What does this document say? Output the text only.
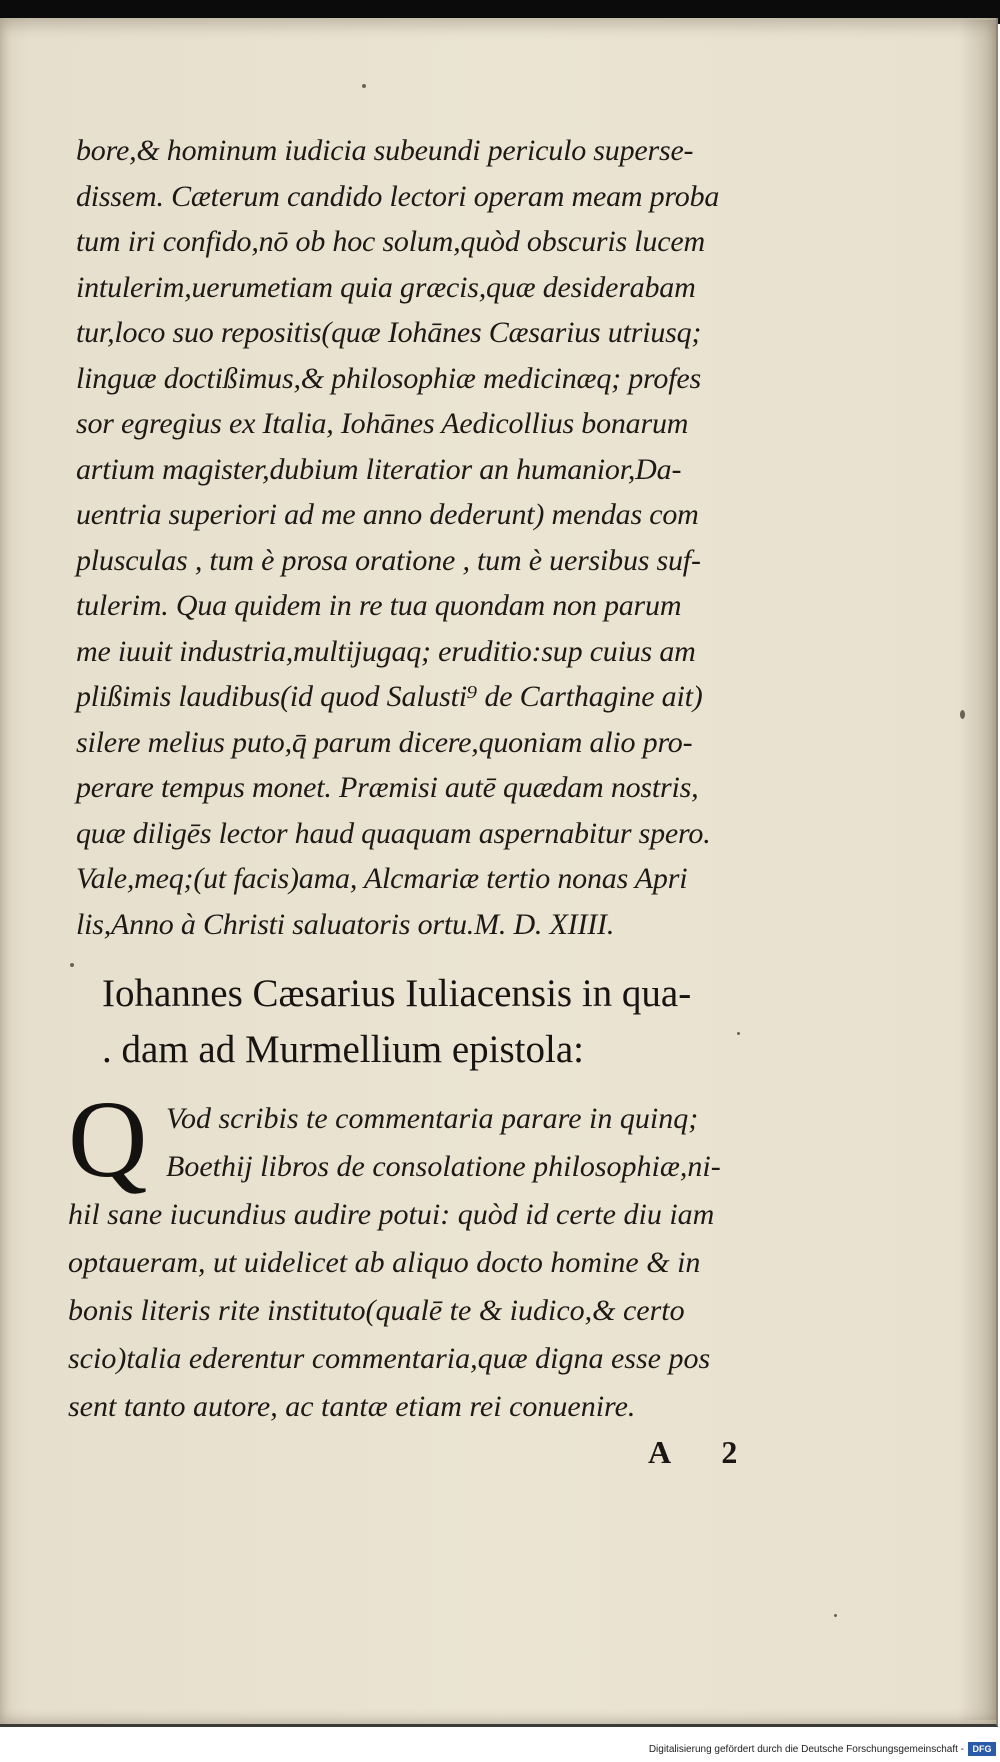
bore,& hominum iudicia subeundi periculo superse-
dissem. Cæterum candido lectori operam meam proba
tum iri confido,nō ob hoc solum,quòd obscuris lucem
intulerim,uerumetiam quia græcis,quæ desiderabam
tur,loco suo repositis(quæ Iohānes Cæsarius utriusq;
linguæ doctißimus,& philosophiæ medicinæq; profes
sor egregius ex Italia, Iohānes Aedicollius bonarum
artium magister,dubium literatior an humanior,Da-
uentria superiori ad me anno dederunt) mendas com
plusculas , tum è prosa oratione , tum è uersibus suf-
tulerim. Qua quidem in re tua quondam non parum
me iuuit industria,multijugaq; eruditio:sup cuius am
plißimis laudibus(id quod Salusti⁹ de Carthagine ait)
silere melius puto,q̄ parum dicere,quoniam alio pro-
perare tempus monet. Præmisi autē quædam nostris,
quæ diligēs lector haud quaquam aspernabitur spero.
Vale,meq;(ut facis)ama, Alcmariæ tertio nonas Apri
lis,Anno à Christi saluatoris ortu.M. D. XIIII.
Iohannes Cæsarius Iuliacensis in qua-
. dam ad Murmellium epistola:
Q Vod scribis te commentaria parare in quinq;
Boethij libros de consolatione philosophiæ,ni-
hil sane iucundius audire potui: quòd id certe diu iam
optaueram, ut uidelicet ab aliquo docto homine & in
bonis literis rite instituto(qualē te & iudico,& certo
scio)talia ederentur commentaria,quæ digna esse pos
sent tanto autore, ac tantæ etiam rei conuenire.
A 2
Digitalisierung gefördert durch die Deutsche Forschungsgemeinschaft - DFG
